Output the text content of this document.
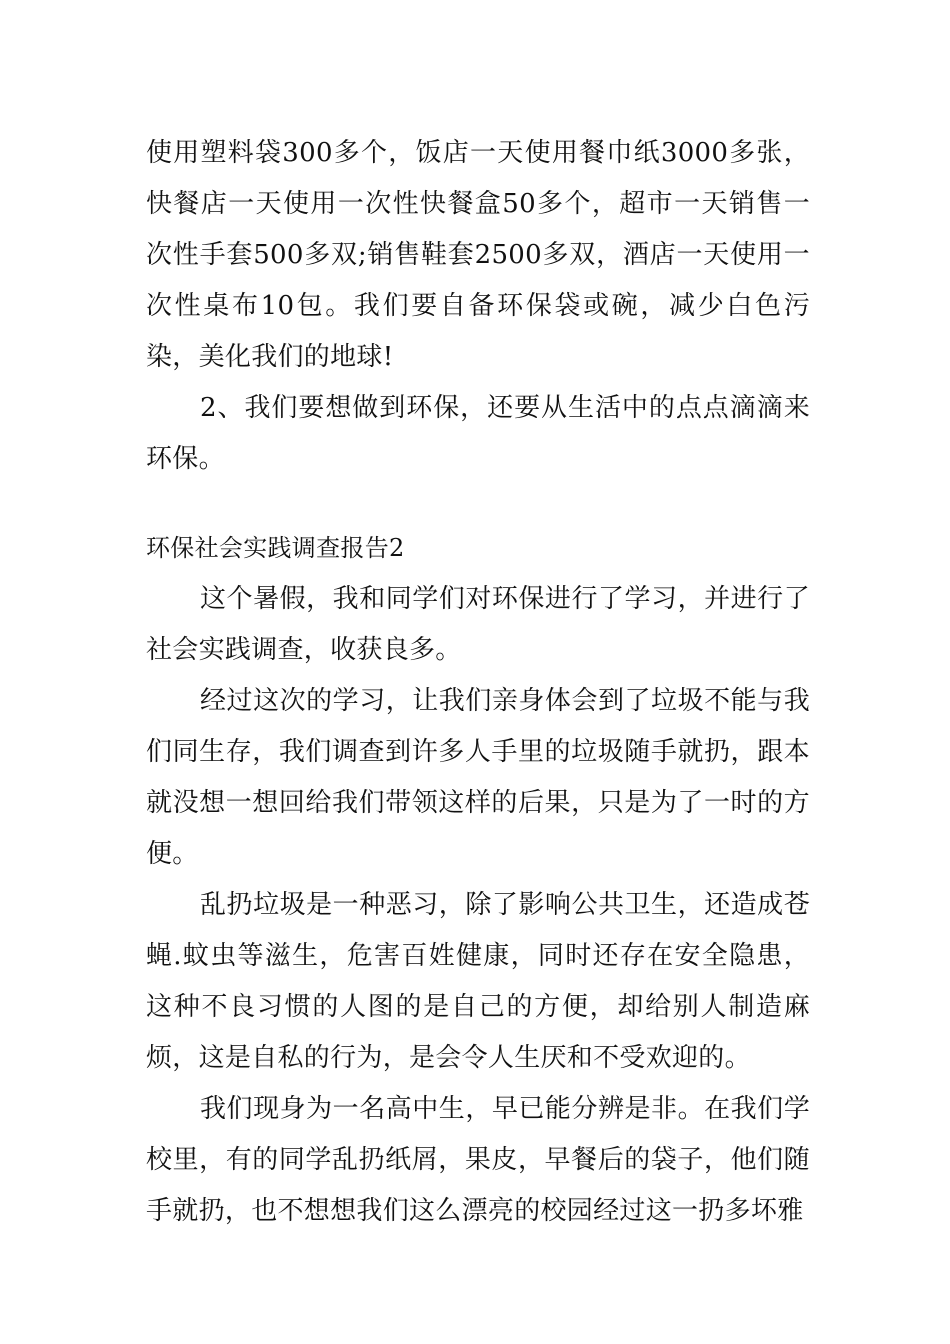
使用塑料袋300多个，饭店一天使用餐巾纸3000多张，快餐店一天使用一次性快餐盒50多个，超市一天销售一次性手套500多双;销售鞋套2500多双，酒店一天使用一次性桌布10包。我们要自备环保袋或碗，减少白色污染，美化我们的地球!

2、我们要想做到环保，还要从生活中的点点滴滴来环保。

环保社会实践调查报告2

这个暑假，我和同学们对环保进行了学习，并进行了社会实践调查，收获良多。

经过这次的学习，让我们亲身体会到了垃圾不能与我们同生存，我们调查到许多人手里的垃圾随手就扔，跟本就没想一想回给我们带领这样的后果，只是为了一时的方便。

乱扔垃圾是一种恶习，除了影响公共卫生，还造成苍蝇.蚊虫等滋生，危害百姓健康，同时还存在安全隐患，这种不良习惯的人图的是自己的方便，却给别人制造麻烦，这是自私的行为，是会令人生厌和不受欢迎的。

我们现身为一名高中生，早已能分辨是非。在我们学校里，有的同学乱扔纸屑，果皮，早餐后的袋子，他们随手就扔，也不想想我们这么漂亮的校园经过这一扔多坏雅
